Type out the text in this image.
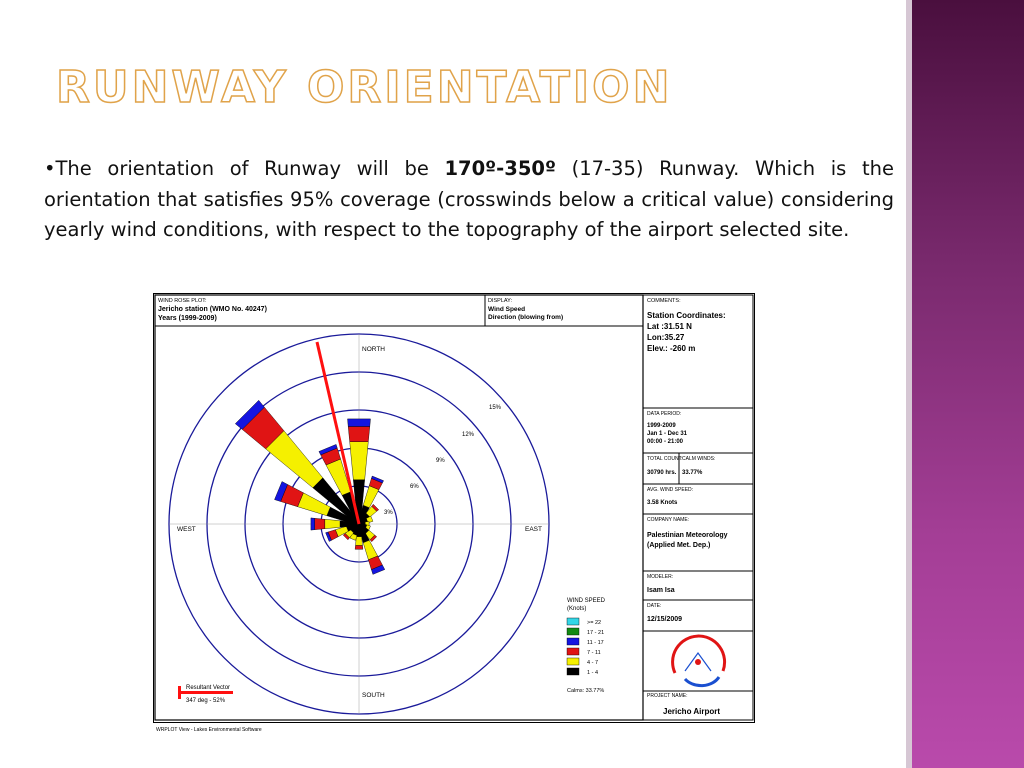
RUNWAY ORIENTATION
•The orientation of Runway will be 170º-350º (17-35) Runway. Which is the orientation that satisfies 95% coverage (crosswinds below a critical value) considering yearly wind conditions, with respect to the topography of the airport selected site.
WIND ROSE PLOT:
Jericho station (WMO No. 40247)
Years (1999-2009)
DISPLAY:
Wind Speed
Direction (blowing from)
NORTH
SOUTH
EAST
WEST
15%
12%
9%
6%
3%
WIND SPEED
(Knots)
>= 22
17 - 21
11 - 17
7 - 11
4 - 7
1 - 4
Calms: 33.77%
Resultant Vector
347 deg - 52%
COMMENTS:
Station Coordinates:
Lat :31.51 N
Lon:35.27
Elev.: -260 m
DATA PERIOD:
1999-2009
Jan 1 - Dec 31
00:00 - 21:00
TOTAL COUNT:
30790 hrs.
CALM WINDS:
33.77%
AVG. WIND SPEED:
3.58 Knots
COMPANY NAME:
Palestinian Meteorology
(Applied Met. Dep.)
MODELER:
Isam Isa
DATE:
12/15/2009
PROJECT NAME:
Jericho Airport
WRPLOT View - Lakes Environmental Software
